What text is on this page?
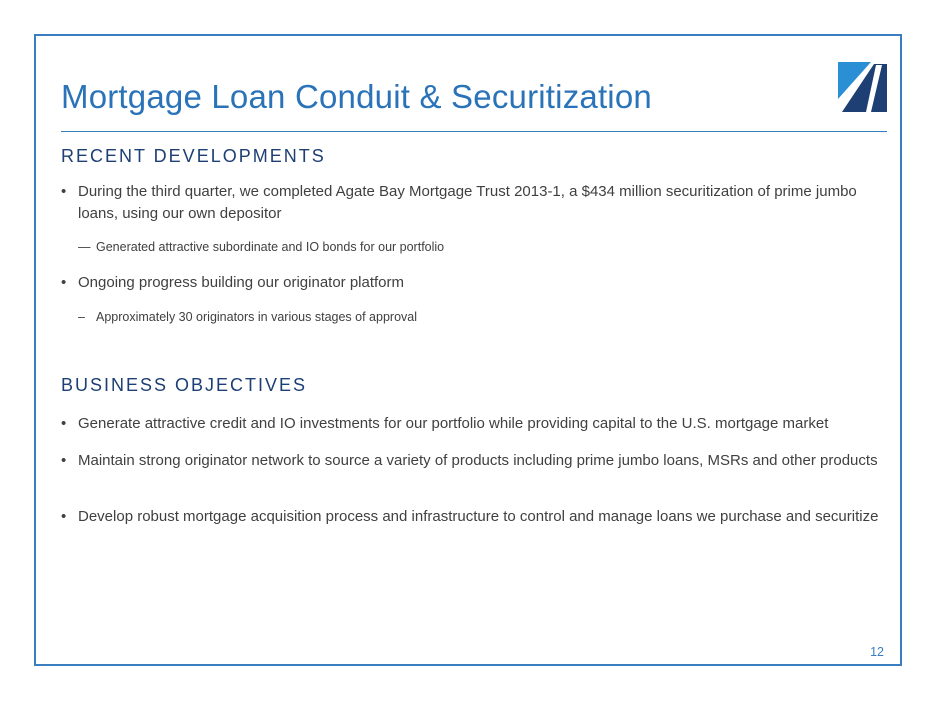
Mortgage Loan Conduit & Securitization
RECENT DEVELOPMENTS
• During the third quarter, we completed Agate Bay Mortgage Trust 2013-1, a $434 million securitization of prime jumbo loans, using our own depositor
— Generated attractive subordinate and IO bonds for our portfolio
• Ongoing progress building our originator platform
– Approximately 30 originators in various stages of approval
BUSINESS OBJECTIVES
• Generate attractive credit and IO investments for our portfolio while providing capital to the U.S. mortgage market
• Maintain strong originator network to source a variety of products including prime jumbo loans, MSRs and other products
• Develop robust mortgage acquisition process and infrastructure to control and manage loans we purchase and securitize
12
